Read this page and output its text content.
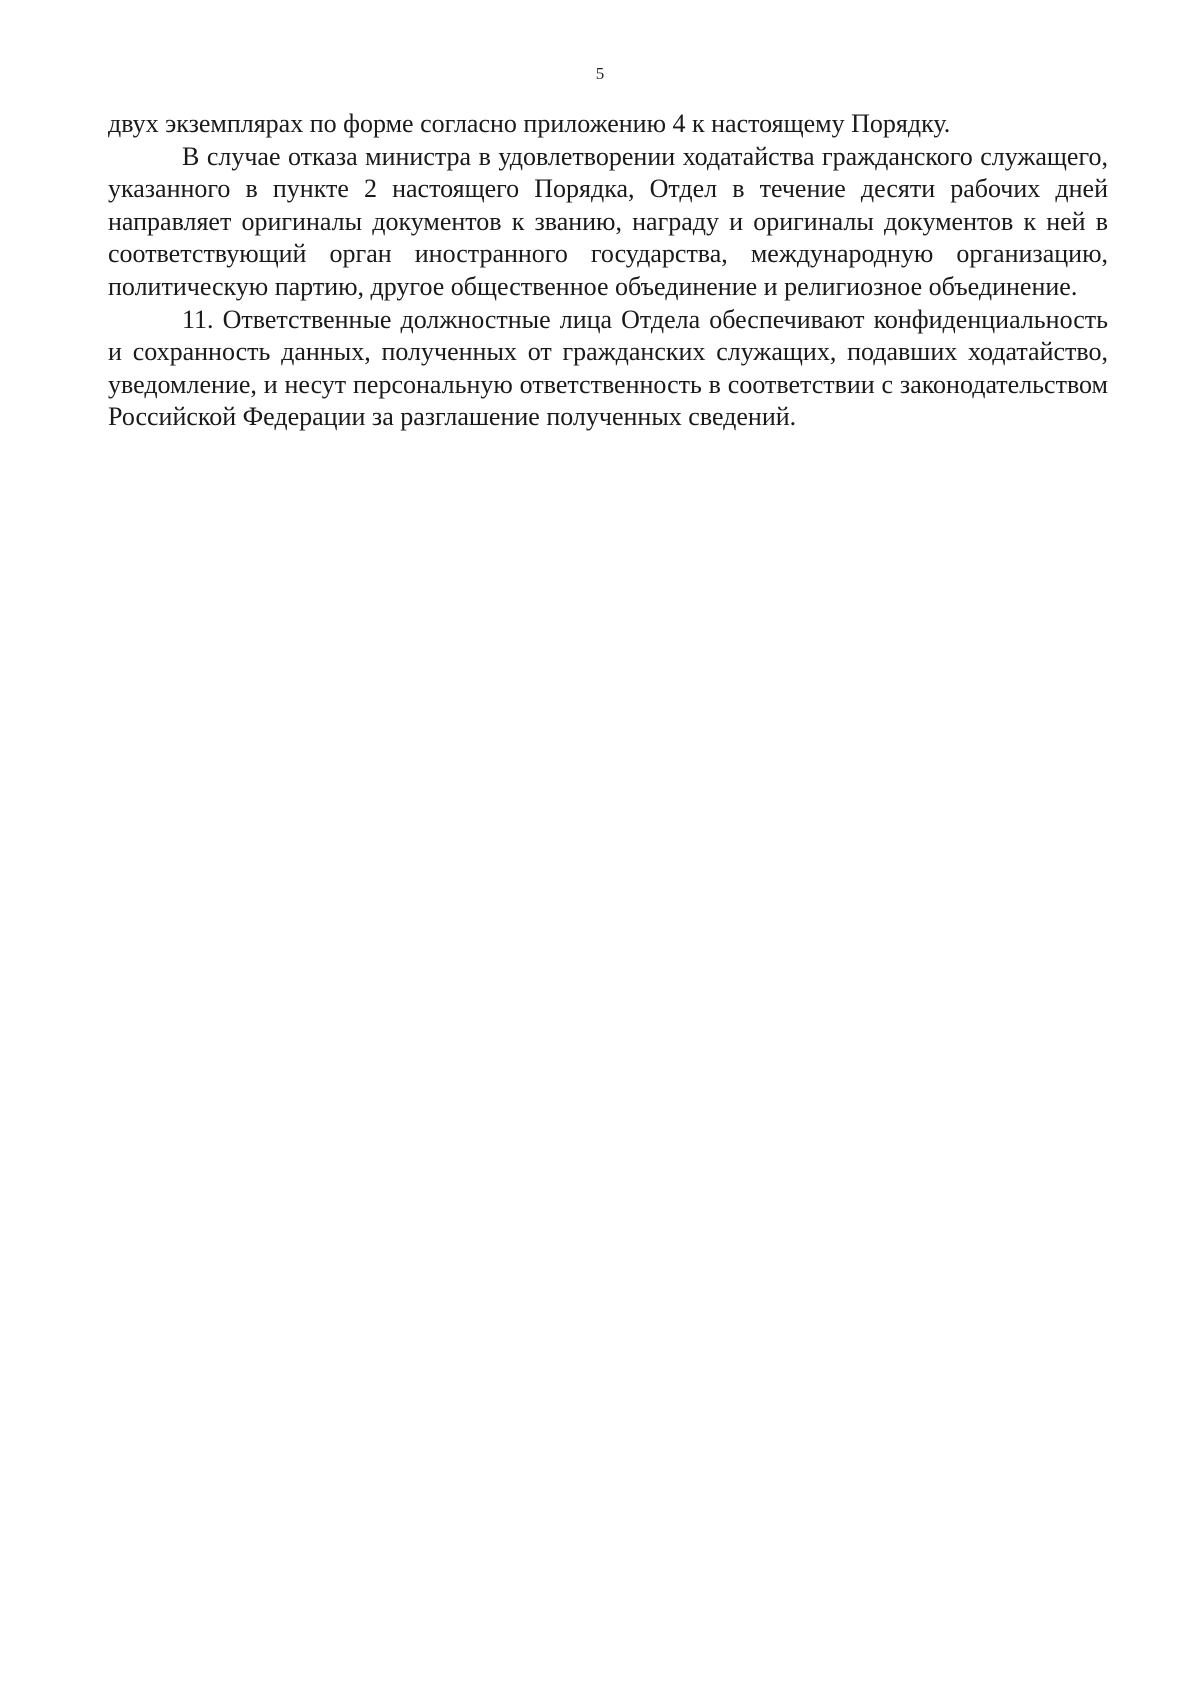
5

двух экземплярах по форме согласно приложению 4 к настоящему Порядку.

В случае отказа министра в удовлетворении ходатайства гражданского служащего, указанного в пункте 2 настоящего Порядка, Отдел в течение десяти рабочих дней направляет оригиналы документов к званию, награду и оригиналы документов к ней в соответствующий орган иностранного государства, международную организацию, политическую партию, другое общественное объединение и религиозное объединение.

11. Ответственные должностные лица Отдела обеспечивают конфиденциальность и сохранность данных, полученных от гражданских служащих, подавших ходатайство, уведомление, и несут персональную ответственность в соответствии с законодательством Российской Федерации за разглашение полученных сведений.
